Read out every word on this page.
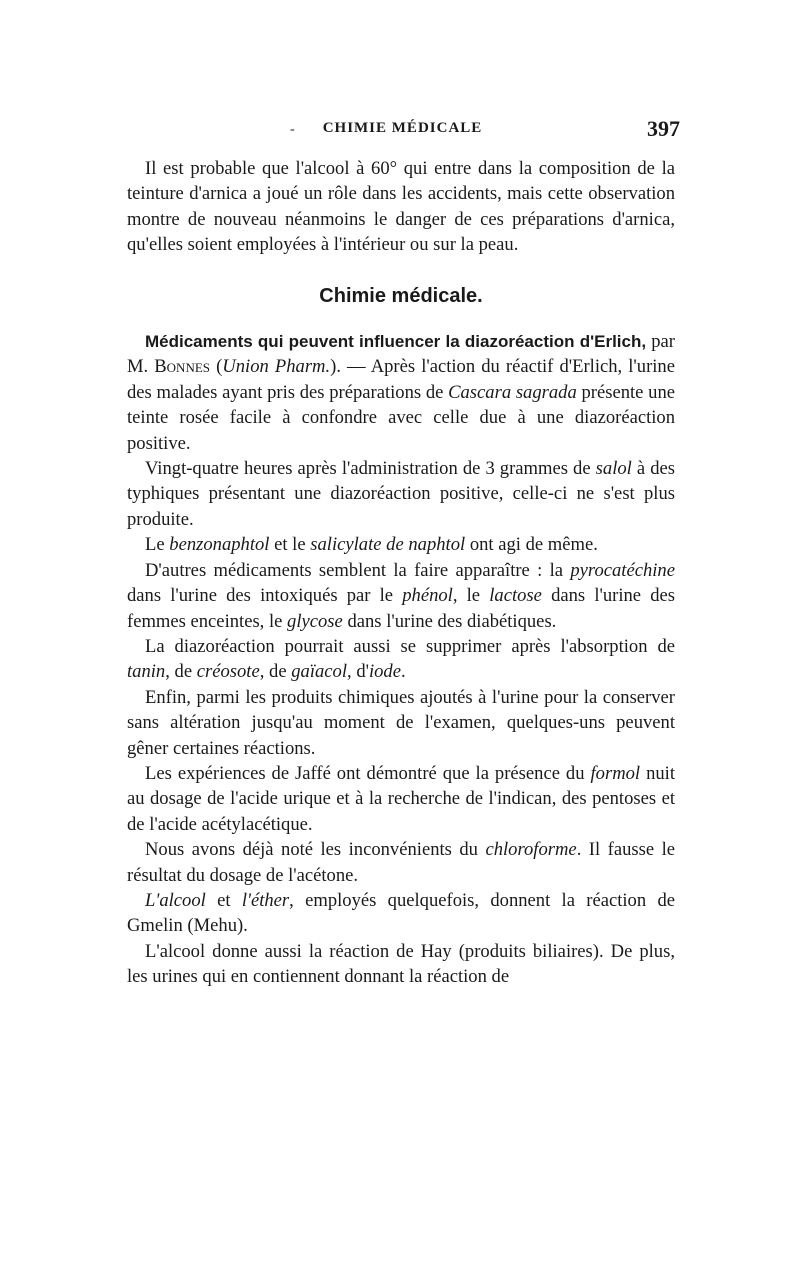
-	CHIMIE MÉDICALE	397

Il est probable que l'alcool à 60° qui entre dans la composition de la teinture d'arnica a joué un rôle dans les accidents, mais cette observation montre de nouveau néanmoins le danger de ces préparations d'arnica, qu'elles soient employées à l'intérieur ou sur la peau.

Chimie médicale.

Médicaments qui peuvent influencer la diazoréaction d'Erlich, par M. Bonnes (Union Pharm.). — Après l'action du réactif d'Erlich, l'urine des malades ayant pris des préparations de Cascara sagrada présente une teinte rosée facile à confondre avec celle due à une diazoréaction positive.

Vingt-quatre heures après l'administration de 3 grammes de salol à des typhiques présentant une diazoréaction positive, celle-ci ne s'est plus produite.

Le benzonaphtol et le salicylate de naphtol ont agi de même.

D'autres médicaments semblent la faire apparaître : la pyrocatéchine dans l'urine des intoxiqués par le phénol, le lactose dans l'urine des femmes enceintes, le glycose dans l'urine des diabétiques.

La diazoréaction pourrait aussi se supprimer après l'absorption de tanin, de créosote, de gaïacol, d'iode.

Enfin, parmi les produits chimiques ajoutés à l'urine pour la conserver sans altération jusqu'au moment de l'examen, quelques-uns peuvent gêner certaines réactions.

Les expériences de Jaffé ont démontré que la présence du formol nuit au dosage de l'acide urique et à la recherche de l'indican, des pentoses et de l'acide acétylacétique.

Nous avons déjà noté les inconvénients du chloroforme. Il fausse le résultat du dosage de l'acétone.

L'alcool et l'éther, employés quelquefois, donnent la réaction de Gmelin (Mehu).

L'alcool donne aussi la réaction de Hay (produits biliaires). De plus, les urines qui en contiennent donnant la réaction de
